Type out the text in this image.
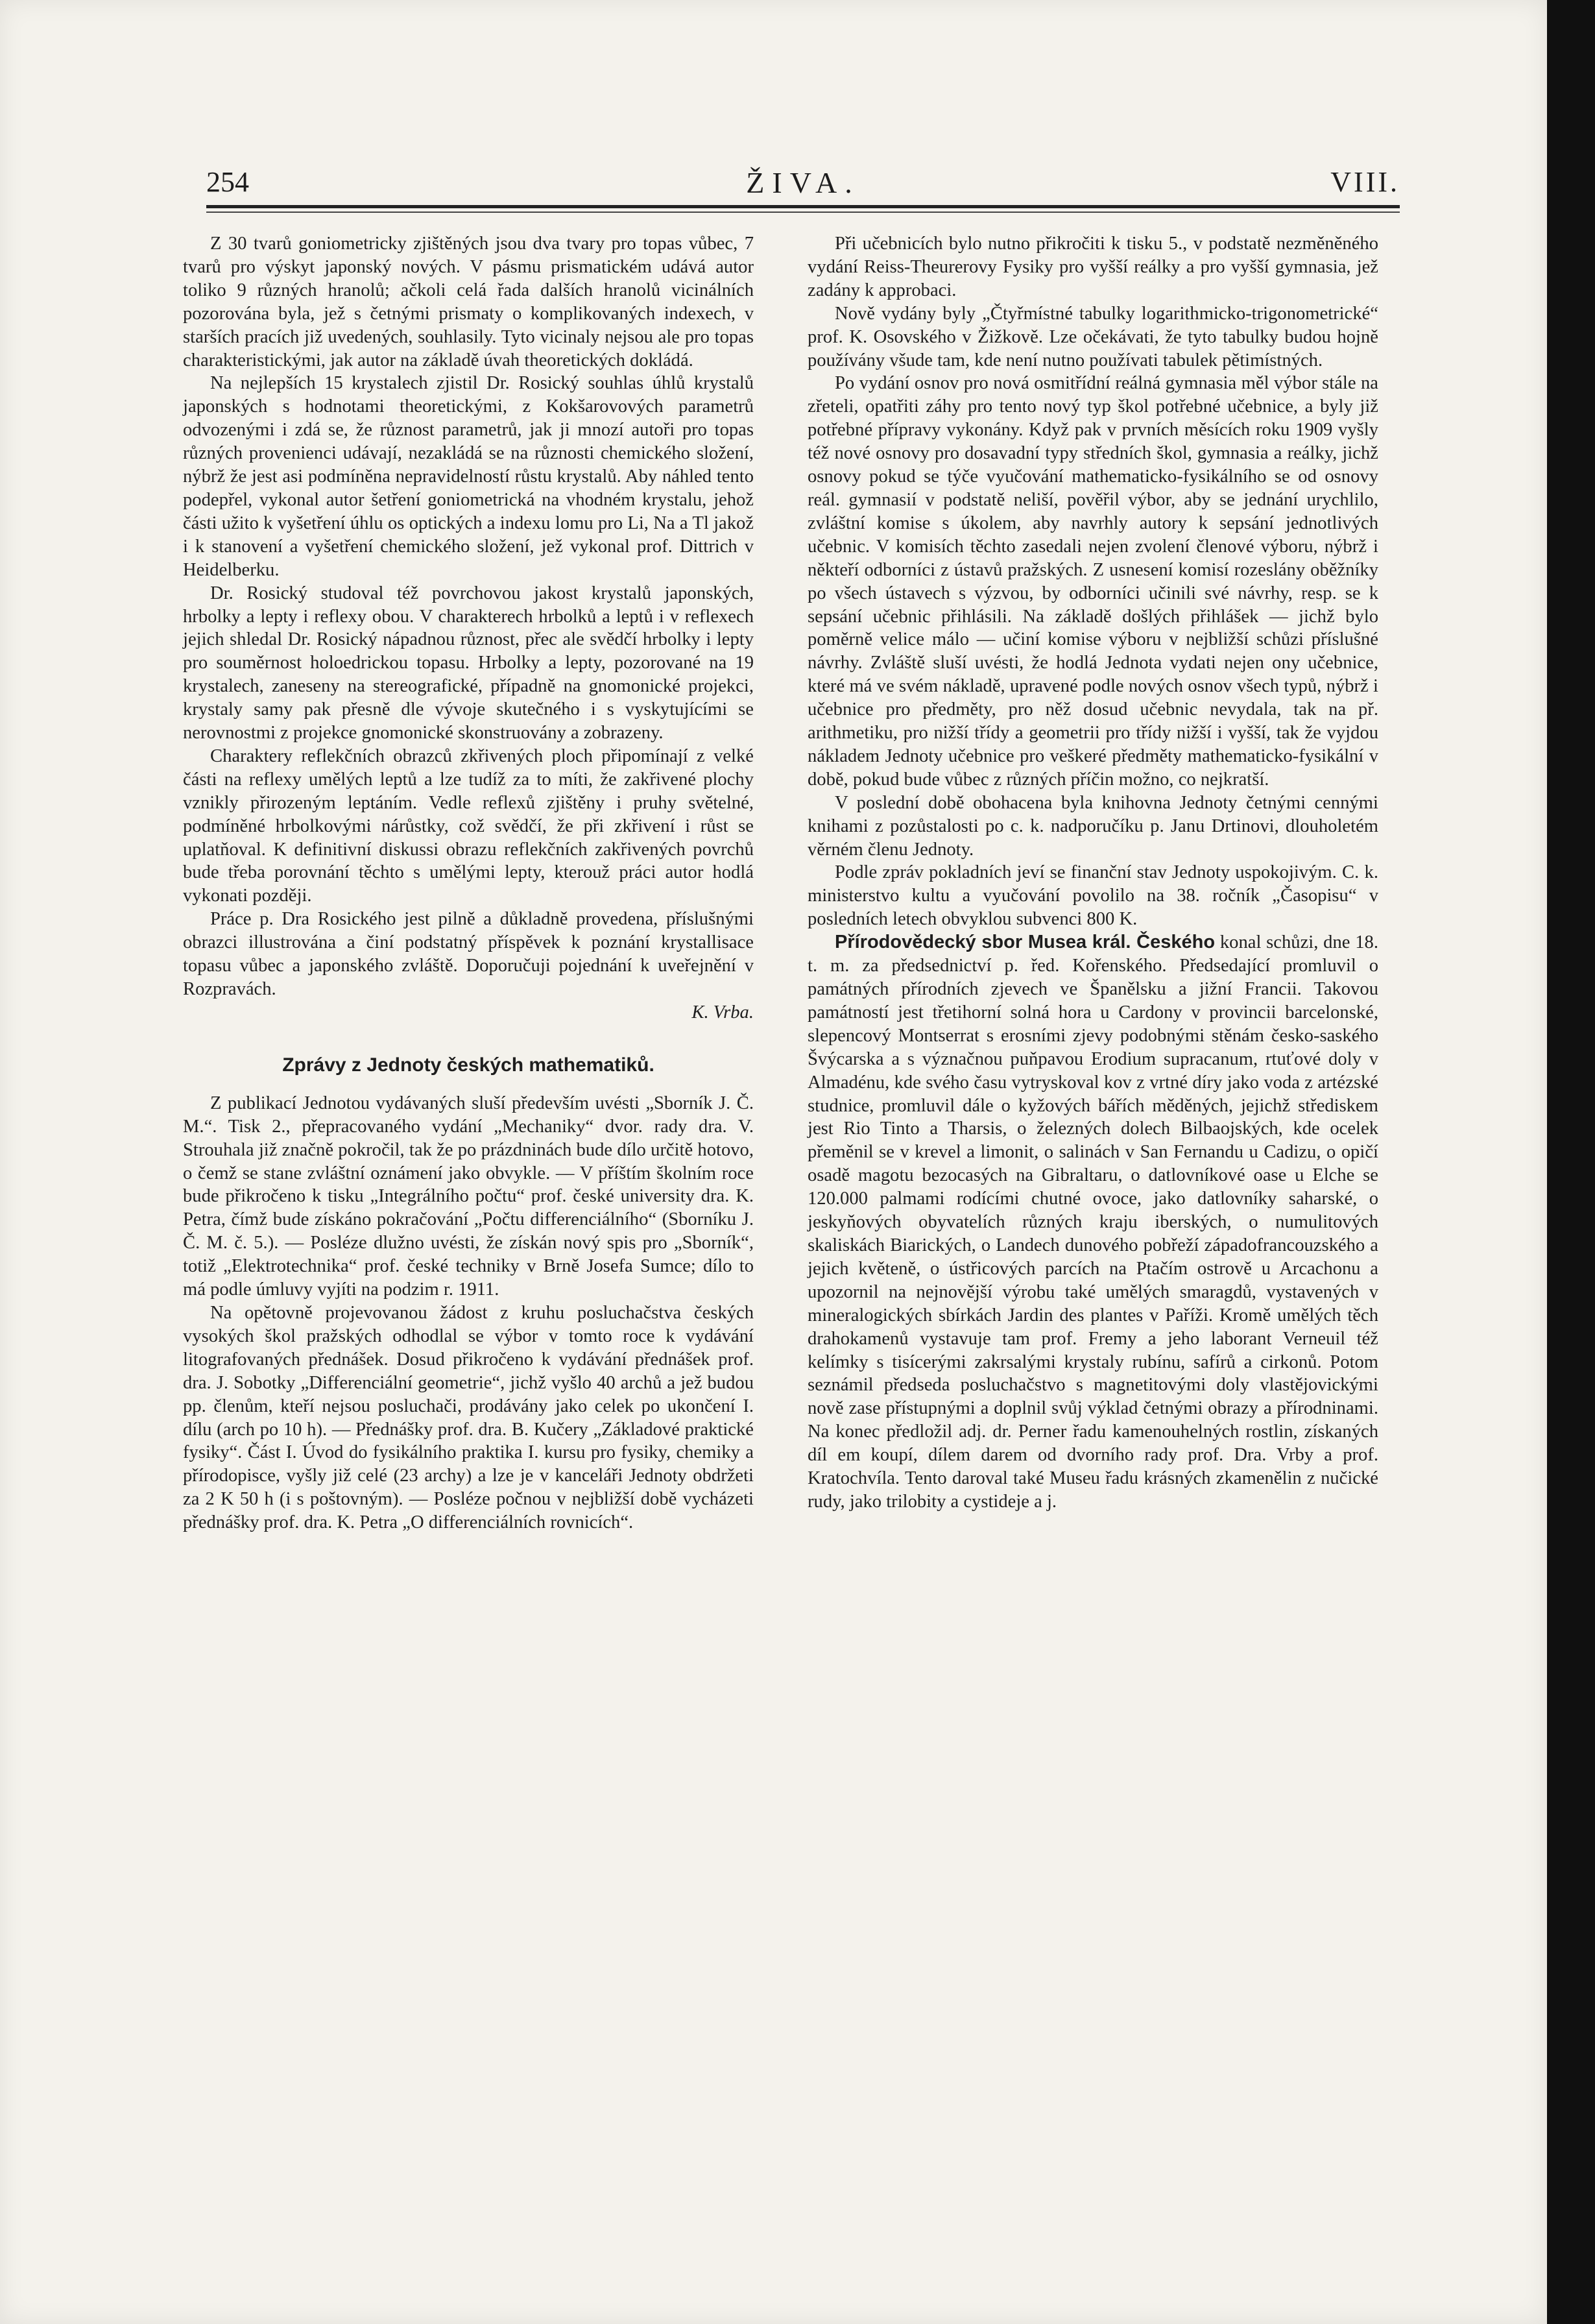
254	ŽIVA.	VIII.

Z 30 tvarů goniometricky zjištěných jsou dva tvary pro topas vůbec, 7 tvarů pro výskyt japonský nových. V pásmu prismatickém udává autor toliko 9 různých hranolů; ačkoli celá řada dalších hranolů vicinálních pozorována byla, jež s četnými prismaty o komplikovaných indexech, v starších pracích již uvedených, souhlasily. Tyto vicinaly nejsou ale pro topas charakteristickými, jak autor na základě úvah theoretických dokládá.

Na nejlepších 15 krystalech zjistil Dr. Rosický souhlas úhlů krystalů japonských s hodnotami theoretickými, z Kokšarovových parametrů odvozenými i zdá se, že různost parametrů, jak ji mnozí autoři pro topas různých provenienci udávají, nezakládá se na různosti chemického složení, nýbrž že jest asi podmíněna nepravidelností růstu krystalů. Aby náhled tento podepřel, vykonal autor šetření goniometrická na vhodném krystalu, jehož části užito k vyšetření úhlu os optických a indexu lomu pro Li, Na a Tl jakož i k stanovení a vyšetření chemického složení, jež vykonal prof. Dittrich v Heidelberku.

Dr. Rosický studoval též povrchovou jakost krystalů japonských, hrbolky a lepty i reflexy obou. V charakterech hrbolků a leptů i v reflexech jejich shledal Dr. Rosický nápadnou různost, přec ale svědčí hrbolky i lepty pro souměrnost holoedrickou topasu. Hrbolky a lepty, pozorované na 19 krystalech, zaneseny na stereografické, případně na gnomonické projekci, krystaly samy pak přesně dle vývoje skutečného i s vyskytujícími se nerovnostmi z projekce gnomonické skonstruovány a zobrazeny.

Charaktery reflekčních obrazců zkřivených ploch připomínají z velké části na reflexy umělých leptů a lze tudíž za to míti, že zakřivené plochy vznikly přirozeným leptáním. Vedle reflexů zjištěny i pruhy světelné, podmíněné hrbolkovými nárůstky, což svědčí, že při zkřivení i růst se uplatňoval. K definitivní diskussi obrazu reflekčních zakřivených povrchů bude třeba porovnání těchto s umělými lepty, kterouž práci autor hodlá vykonati později.

Práce p. Dra Rosického jest pilně a důkladně provedena, příslušnými obrazci illustrována a činí podstatný příspěvek k poznání krystallisace topasu vůbec a japonského zvláště. Doporučuji pojednání k uveřejnění v Rozpravách.

K. Vrba.

Zprávy z Jednoty českých mathematiků.

Z publikací Jednotou vydávaných sluší především uvésti „Sborník J. Č. M.“. Tisk 2., přepracovaného vydání „Mechaniky“ dvor. rady dra. V. Strouhala již značně pokročil, tak že po prázdninách bude dílo určitě hotovo, o čemž se stane zvláštní oznámení jako obvykle. — V příštím školním roce bude přikročeno k tisku „Integrálního počtu“ prof. české university dra. K. Petra, čímž bude získáno pokračování „Počtu differenciálního“ (Sborníku J. Č. M. č. 5.). — Posléze dlužno uvésti, že získán nový spis pro „Sborník“, totiž „Elektrotechnika“ prof. české techniky v Brně Josefa Sumce; dílo to má podle úmluvy vyjíti na podzim r. 1911.

Na opětovně projevovanou žádost z kruhu posluchačstva českých vysokých škol pražských odhodlal se výbor v tomto roce k vydávání litografovaných přednášek. Dosud přikročeno k vydávání přednášek prof. dra. J. Sobotky „Differenciální geometrie“, jichž vyšlo 40 archů a jež budou pp. členům, kteří nejsou posluchači, prodávány jako celek po ukončení I. dílu (arch po 10 h). — Přednášky prof. dra. B. Kučery „Základové praktické fysiky“. Část I. Úvod do fysikálního praktika I. kursu pro fysiky, chemiky a přírodopisce, vyšly již celé (23 archy) a lze je v kanceláři Jednoty obdržeti za 2 K 50 h (i s poštovným). — Posléze počnou v nejbližší době vycházeti přednášky prof. dra. K. Petra „O differenciálních rovnicích“.

Při učebnicích bylo nutno přikročiti k tisku 5., v podstatě nezměněného vydání Reiss-Theurerovy Fysiky pro vyšší reálky a pro vyšší gymnasia, jež zadány k approbaci.

Nově vydány byly „Čtyřmístné tabulky logarithmicko-trigonometrické“ prof. K. Osovského v Žižkově. Lze očekávati, že tyto tabulky budou hojně používány všude tam, kde není nutno používati tabulek pětimístných.

Po vydání osnov pro nová osmitřídní reálná gymnasia měl výbor stále na zřeteli, opatřiti záhy pro tento nový typ škol potřebné učebnice, a byly již potřebné přípravy vykonány. Když pak v prvních měsících roku 1909 vyšly též nové osnovy pro dosavadní typy středních škol, gymnasia a reálky, jichž osnovy pokud se týče vyučování mathematicko-fysikálního se od osnovy reál. gymnasií v podstatě neliší, pověřil výbor, aby se jednání urychlilo, zvláštní komise s úkolem, aby navrhly autory k sepsání jednotlivých učebnic. V komisích těchto zasedali nejen zvolení členové výboru, nýbrž i někteří odborníci z ústavů pražských. Z usnesení komisí rozeslány oběžníky po všech ústavech s výzvou, by odborníci učinili své návrhy, resp. se k sepsání učebnic přihlásili. Na základě došlých přihlášek — jichž bylo poměrně velice málo — učiní komise výboru v nejbližší schůzi příslušné návrhy. Zvláště sluší uvésti, že hodlá Jednota vydati nejen ony učebnice, které má ve svém nákladě, upravené podle nových osnov všech typů, nýbrž i učebnice pro předměty, pro něž dosud učebnic nevydala, tak na př. arithmetiku, pro nižší třídy a geometrii pro třídy nižší i vyšší, tak že vyjdou nákladem Jednoty učebnice pro veškeré předměty mathematicko-fysikální v době, pokud bude vůbec z různých příčin možno, co nejkratší.

V poslední době obohacena byla knihovna Jednoty četnými cennými knihami z pozůstalosti po c. k. nadporučíku p. Janu Drtinovi, dlouholetém věrném členu Jednoty.

Podle zpráv pokladních jeví se finanční stav Jednoty uspokojivým. C. k. ministerstvo kultu a vyučování povolilo na 38. ročník „Časopisu“ v posledních letech obvyklou subvenci 800 K.

Přírodovědecký sbor Musea král. Českého konal schůzi, dne 18. t. m. za předsednictví p. řed. Kořenského. Předsedající promluvil o památných přírodních zjevech ve Španělsku a jižní Francii. Takovou památností jest třetihorní solná hora u Cardony v provincii barcelonské, slepencový Montserrat s erosními zjevy podobnými stěnám česko-saského Švýcarska a s význačnou puňpavou Erodium supracanum, rtuťové doly v Almadénu, kde svého času vytryskoval kov z vrtné díry jako voda z artézské studnice, promluvil dále o kyžových bářích měděných, jejichž střediskem jest Rio Tinto a Tharsis, o železných dolech Bilbaojských, kde ocelek přeměnil se v krevel a limonit, o salinách v San Fernandu u Cadizu, o opičí osadě magotu bezocasých na Gibraltaru, o datlovníkové oase u Elche se 120.000 palmami rodícími chutné ovoce, jako datlovníky saharské, o jeskyňových obyvatelích různých kraju iberských, o numulitových skaliskách Biarických, o Landech dunového pobřeží západofrancouzského a jejich květeně, o ústřicových parcích na Ptačím ostrově u Arcachonu a upozornil na nejnovější výrobu také umělých smaragdů, vystavených v mineralogických sbírkách Jardin des plantes v Paříži. Kromě umělých těch drahokamenů vystavuje tam prof. Fremy a jeho laborant Verneuil též kelímky s tisícerými zakrsalými krystaly rubínu, safírů a cirkonů. Potom seznámil předseda posluchačstvo s magnetitovými doly vlastějovickými nově zase přístupnými a doplnil svůj výklad četnými obrazy a přírodninami. Na konec předložil adj. dr. Perner řadu kamenouhelných rostlin, získaných díl em koupí, dílem darem od dvorního rady prof. Dra. Vrby a prof. Kratochvíla. Tento daroval také Museu řadu krásných zkamenělin z nučické rudy, jako trilobity a cystideje a j.
